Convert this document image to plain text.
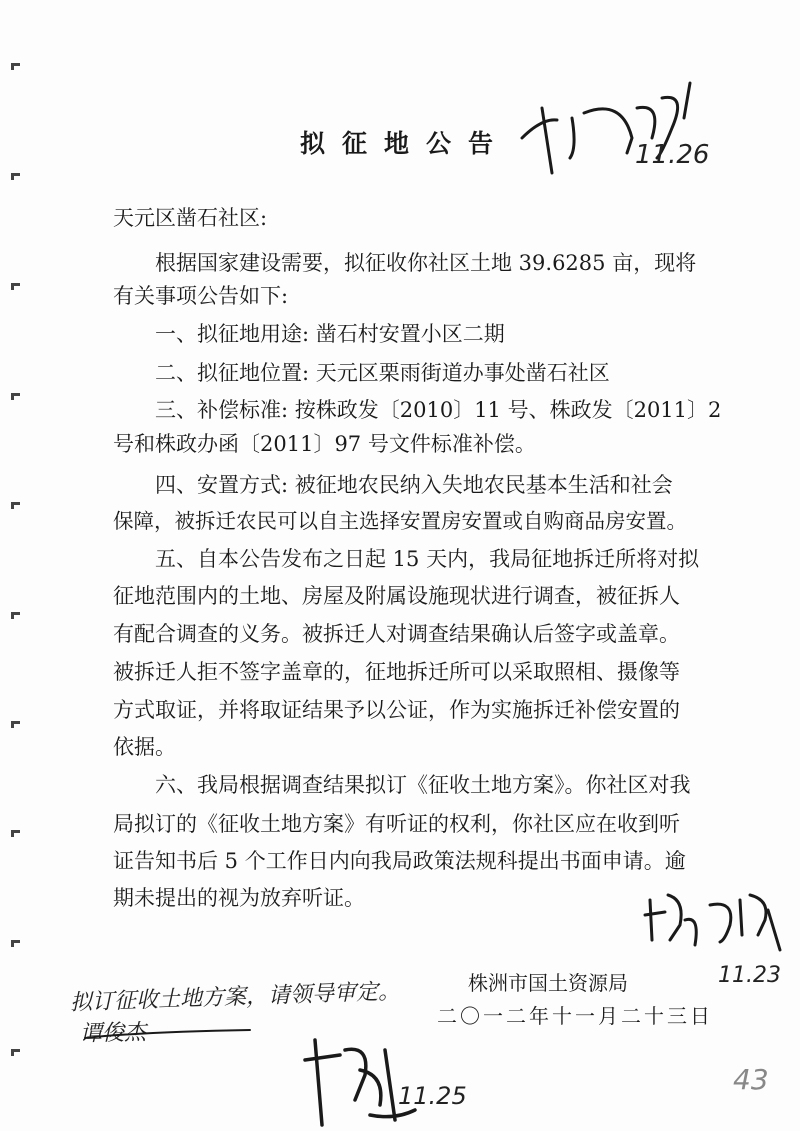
拟征地公告	11.26
天元区凿石社区:
根据国家建设需要，拟征收你社区土地 39.6285 亩，现将
有关事项公告如下:
一、拟征地用途: 凿石村安置小区二期
二、拟征地位置: 天元区栗雨街道办事处凿石社区
三、补偿标准: 按株政发〔2010〕11 号、株政发〔2011〕2
号和株政办函〔2011〕97 号文件标准补偿。
四、安置方式: 被征地农民纳入失地农民基本生活和社会
保障，被拆迁农民可以自主选择安置房安置或自购商品房安置。
五、自本公告发布之日起 15 天内，我局征地拆迁所将对拟
征地范围内的土地、房屋及附属设施现状进行调查，被征拆人
有配合调查的义务。被拆迁人对调查结果确认后签字或盖章。
被拆迁人拒不签字盖章的，征地拆迁所可以采取照相、摄像等
方式取证，并将取证结果予以公证，作为实施拆迁补偿安置的
依据。
六、我局根据调查结果拟订《征收土地方案》。你社区对我
局拟订的《征收土地方案》有听证的权利，你社区应在收到听
证告知书后 5 个工作日内向我局政策法规科提出书面申请。逾
期未提出的视为放弃听证。
11.23
株洲市国土资源局
二〇一二年十一月二十三日
拟订征收土地方案，请领导审定。
谭俊杰
11.25	43
